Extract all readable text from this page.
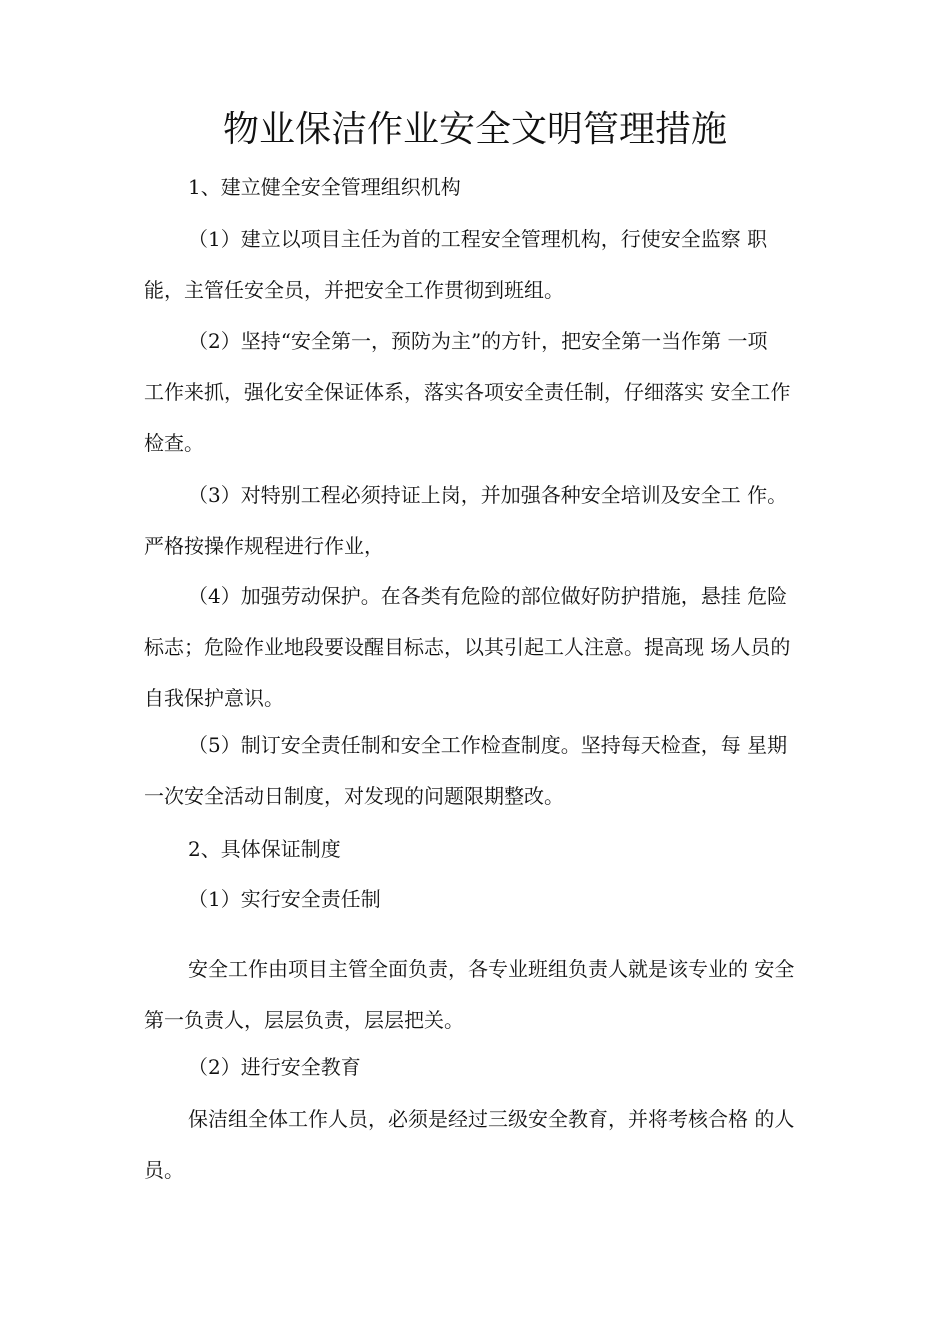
物业保洁作业安全文明管理措施
1、建立健全安全管理组织机构
（1）建立以项目主任为首的工程安全管理机构，行使安全监察 职
能，主管任安全员，并把安全工作贯彻到班组。
（2）坚持“安全第一，预防为主”的方针，把安全第一当作第 一项
工作来抓，强化安全保证体系，落实各项安全责任制，仔细落实 安全工作
检查。
（3）对特别工程必须持证上岗，并加强各种安全培训及安全工 作。
严格按操作规程进行作业，
（4）加强劳动保护。在各类有危险的部位做好防护措施，悬挂 危险
标志；危险作业地段要设醒目标志，以其引起工人注意。提高现 场人员的
自我保护意识。
（5）制订安全责任制和安全工作检查制度。坚持每天检查，每 星期
一次安全活动日制度，对发现的问题限期整改。
2、具体保证制度
（1）实行安全责任制
安全工作由项目主管全面负责，各专业班组负责人就是该专业的 安全
第一负责人，层层负责，层层把关。
（2）进行安全教育
保洁组全体工作人员，必须是经过三级安全教育，并将考核合格 的人
员。
